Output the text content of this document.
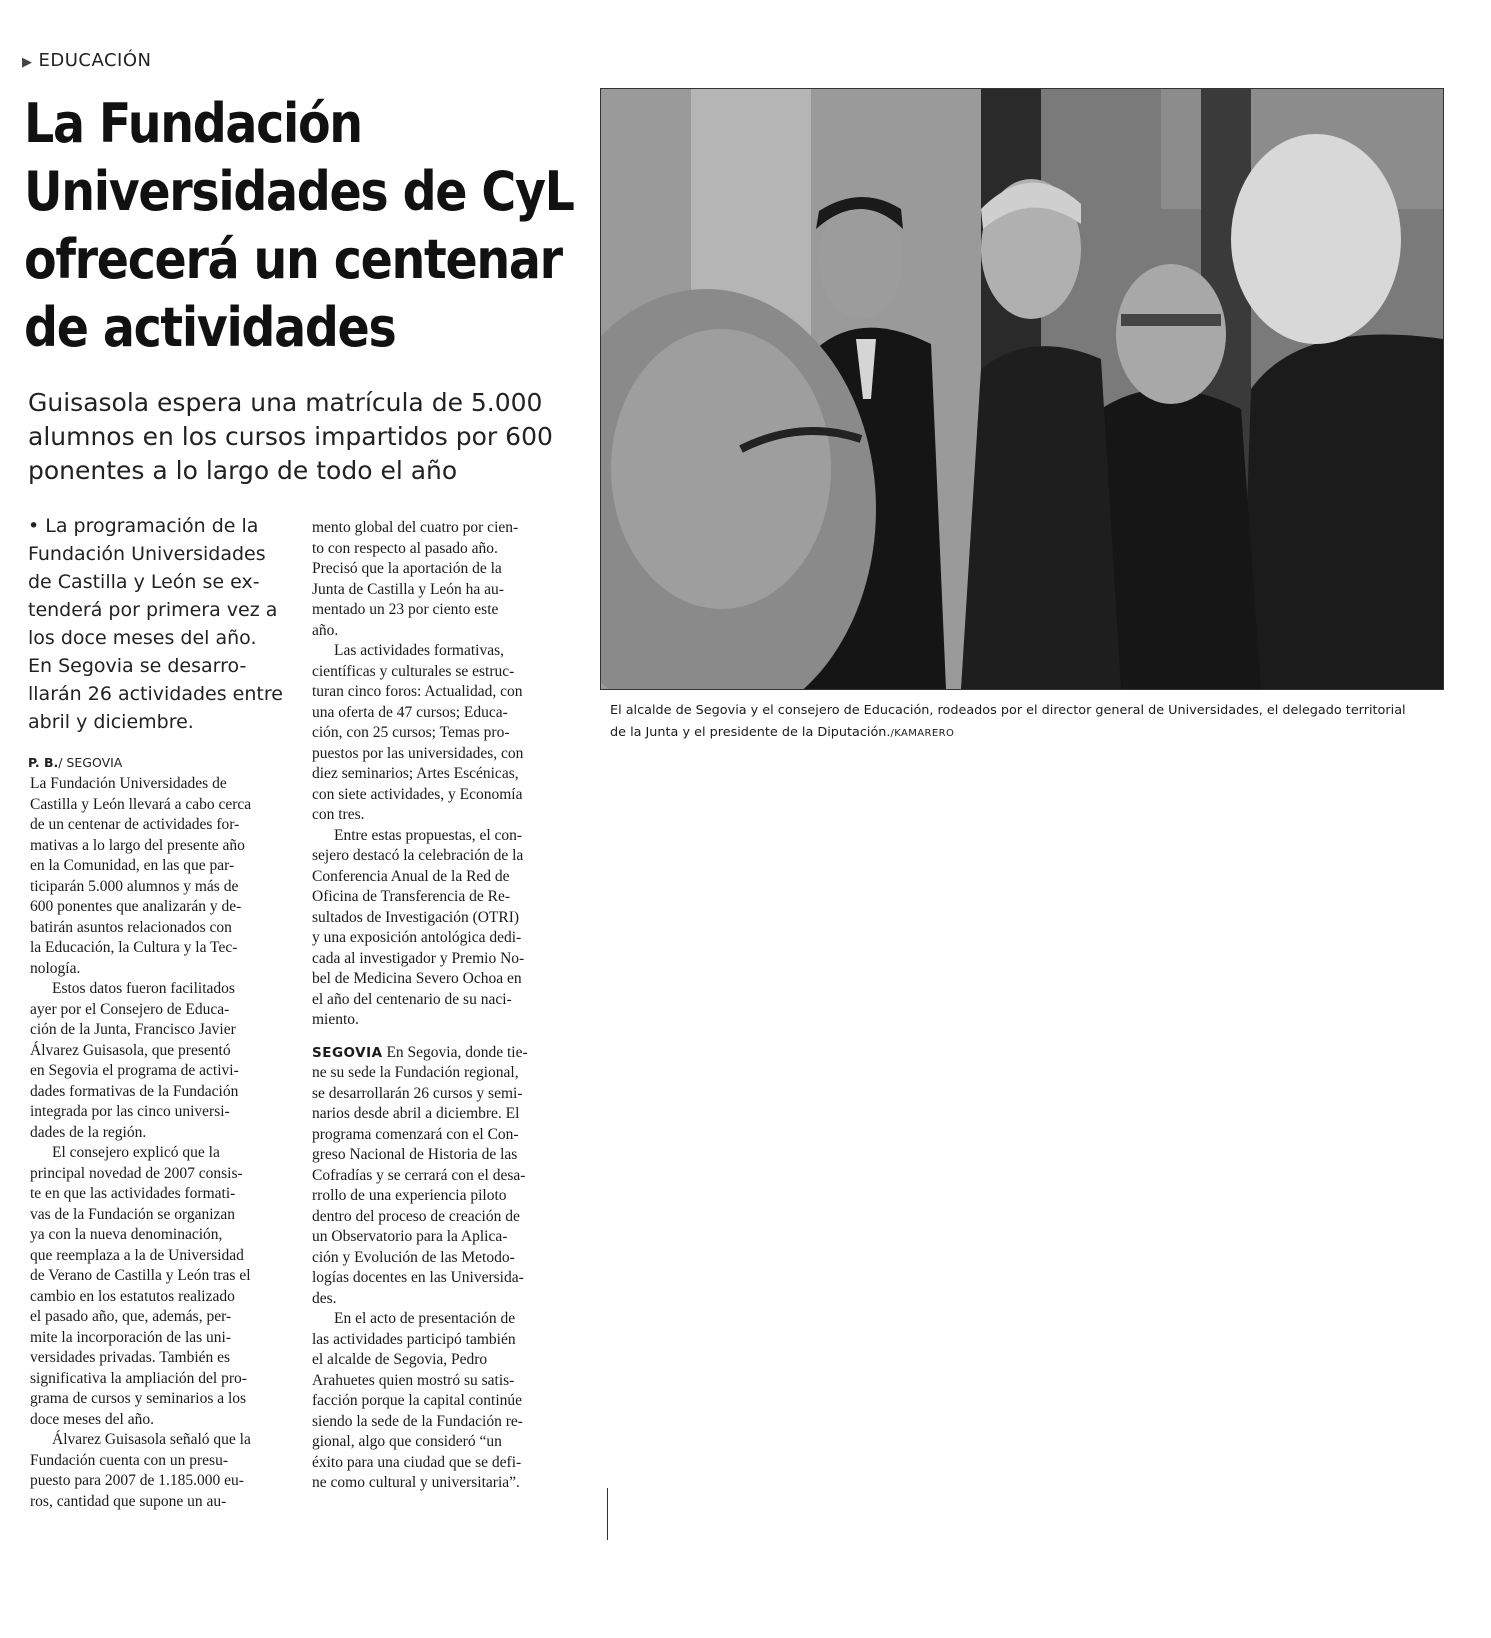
▶ EDUCACIÓN
La Fundación
Universidades de CyL
ofrecerá un centenar
de actividades
Guisasola espera una matrícula de 5.000
alumnos en los cursos impartidos por 600
ponentes a lo largo de todo el año
• La programación de la
Fundación Universidades
de Castilla y León se ex-
tenderá por primera vez a
los doce meses del año.
En Segovia se desarro-
llarán 26 actividades entre
abril y diciembre.
P. B./ SEGOVIA
La Fundación Universidades de
Castilla y León llevará a cabo cerca
de un centenar de actividades for-
mativas a lo largo del presente año
en la Comunidad, en las que par-
ticiparán 5.000 alumnos y más de
600 ponentes que analizarán y de-
batirán asuntos relacionados con
la Educación, la Cultura y la Tec-
nología.
Estos datos fueron facilitados
ayer por el Consejero de Educa-
ción de la Junta, Francisco Javier
Álvarez Guisasola, que presentó
en Segovia el programa de activi-
dades formativas de la Fundación
integrada por las cinco universi-
dades de la región.
El consejero explicó que la
principal novedad de 2007 consis-
te en que las actividades formati-
vas de la Fundación se organizan
ya con la nueva denominación,
que reemplaza a la de Universidad
de Verano de Castilla y León tras el
cambio en los estatutos realizado
el pasado año, que, además, per-
mite la incorporación de las uni-
versidades privadas. También es
significativa la ampliación del pro-
grama de cursos y seminarios a los
doce meses del año.
Álvarez Guisasola señaló que la
Fundación cuenta con un presu-
puesto para 2007 de 1.185.000 eu-
ros, cantidad que supone un au-
mento global del cuatro por cien-
to con respecto al pasado año.
Precisó que la aportación de la
Junta de Castilla y León ha au-
mentado un 23 por ciento este
año.
Las actividades formativas,
científicas y culturales se estruc-
turan cinco foros: Actualidad, con
una oferta de 47 cursos; Educa-
ción, con 25 cursos; Temas pro-
puestos por las universidades, con
diez seminarios; Artes Escénicas,
con siete actividades, y Economía
con tres.
Entre estas propuestas, el con-
sejero destacó la celebración de la
Conferencia Anual de la Red de
Oficina de Transferencia de Re-
sultados de Investigación (OTRI)
y una exposición antológica dedi-
cada al investigador y Premio No-
bel de Medicina Severo Ochoa en
el año del centenario de su naci-
miento.
SEGOVIA En Segovia, donde tie-
ne su sede la Fundación regional,
se desarrollarán 26 cursos y semi-
narios desde abril a diciembre. El
programa comenzará con el Con-
greso Nacional de Historia de las
Cofradías y se cerrará con el desa-
rrollo de una experiencia piloto
dentro del proceso de creación de
un Observatorio para la Aplica-
ción y Evolución de las Metodo-
logías docentes en las Universida-
des.
En el acto de presentación de
las actividades participó también
el alcalde de Segovia, Pedro
Arahuetes quien mostró su satis-
facción porque la capital continúe
siendo la sede de la Fundación re-
gional, algo que consideró “un
éxito para una ciudad que se defi-
ne como cultural y universitaria”.
El alcalde de Segovia y el consejero de Educación, rodeados por el director general de Universidades, el delegado territorial
de la Junta y el presidente de la Diputación./KAMARERO
